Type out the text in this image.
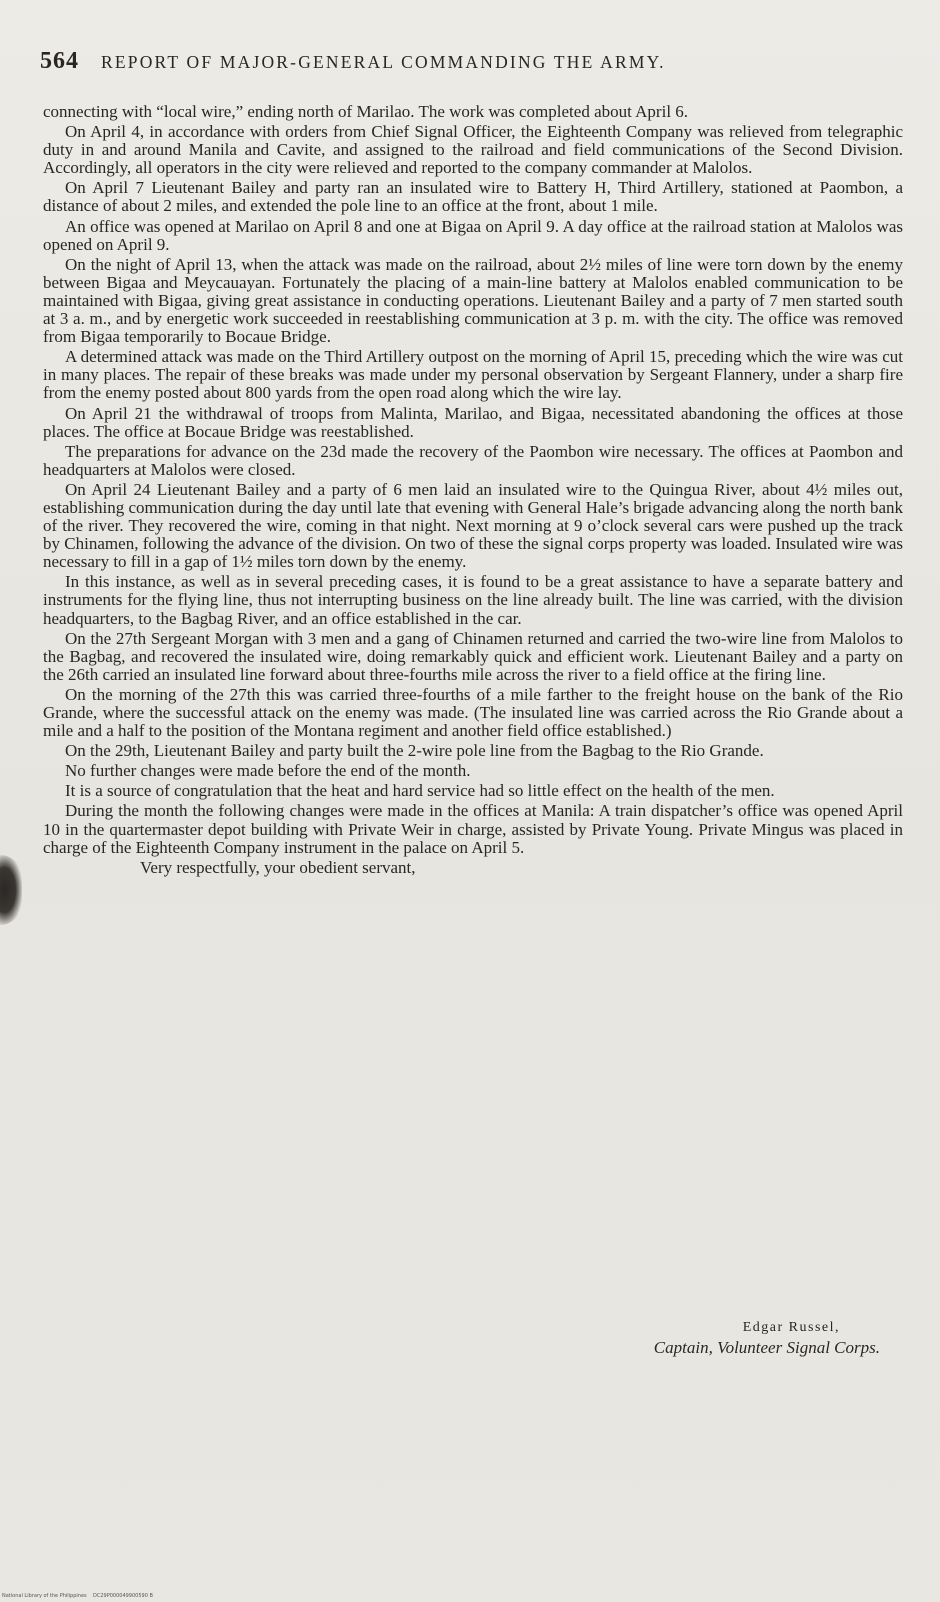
564 REPORT OF MAJOR-GENERAL COMMANDING THE ARMY.

connecting with “local wire,” ending north of Marilao. The work was completed about April 6.

On April 4, in accordance with orders from Chief Signal Officer, the Eighteenth Company was relieved from telegraphic duty in and around Manila and Cavite, and assigned to the railroad and field communications of the Second Division. Accordingly, all operators in the city were relieved and reported to the company commander at Malolos.

On April 7 Lieutenant Bailey and party ran an insulated wire to Battery H, Third Artillery, stationed at Paombon, a distance of about 2 miles, and extended the pole line to an office at the front, about 1 mile.

An office was opened at Marilao on April 8 and one at Bigaa on April 9. A day office at the railroad station at Malolos was opened on April 9.

On the night of April 13, when the attack was made on the railroad, about 2½ miles of line were torn down by the enemy between Bigaa and Meycauayan. Fortunately the placing of a main-line battery at Malolos enabled communication to be maintained with Bigaa, giving great assistance in conducting operations. Lieutenant Bailey and a party of 7 men started south at 3 a. m., and by energetic work succeeded in reestablishing communication at 3 p. m. with the city. The office was removed from Bigaa temporarily to Bocaue Bridge.

A determined attack was made on the Third Artillery outpost on the morning of April 15, preceding which the wire was cut in many places. The repair of these breaks was made under my personal observation by Sergeant Flannery, under a sharp fire from the enemy posted about 800 yards from the open road along which the wire lay.

On April 21 the withdrawal of troops from Malinta, Marilao, and Bigaa, necessitated abandoning the offices at those places. The office at Bocaue Bridge was reestablished.

The preparations for advance on the 23d made the recovery of the Paombon wire necessary. The offices at Paombon and headquarters at Malolos were closed.

On April 24 Lieutenant Bailey and a party of 6 men laid an insulated wire to the Quingua River, about 4½ miles out, establishing communication during the day until late that evening with General Hale’s brigade advancing along the north bank of the river. They recovered the wire, coming in that night. Next morning at 9 o’clock several cars were pushed up the track by Chinamen, following the advance of the division. On two of these the signal corps property was loaded. Insulated wire was necessary to fill in a gap of 1½ miles torn down by the enemy.

In this instance, as well as in several preceding cases, it is found to be a great assistance to have a separate battery and instruments for the flying line, thus not interrupting business on the line already built. The line was carried, with the division headquarters, to the Bagbag River, and an office established in the car.

On the 27th Sergeant Morgan with 3 men and a gang of Chinamen returned and carried the two-wire line from Malolos to the Bagbag, and recovered the insulated wire, doing remarkably quick and efficient work. Lieutenant Bailey and a party on the 26th carried an insulated line forward about three-fourths mile across the river to a field office at the firing line.

On the morning of the 27th this was carried three-fourths of a mile farther to the freight house on the bank of the Rio Grande, where the successful attack on the enemy was made. (The insulated line was carried across the Rio Grande about a mile and a half to the position of the Montana regiment and another field office established.)

On the 29th, Lieutenant Bailey and party built the 2-wire pole line from the Bagbag to the Rio Grande.

No further changes were made before the end of the month.

It is a source of congratulation that the heat and hard service had so little effect on the health of the men.

During the month the following changes were made in the offices at Manila: A train dispatcher’s office was opened April 10 in the quartermaster depot building with Private Weir in charge, assisted by Private Young. Private Mingus was placed in charge of the Eighteenth Company instrument in the palace on April 5.

Very respectfully, your obedient servant,

Edgar Russel,
Captain, Volunteer Signal Corps.
National Library of the Philippines    DC29P000049900590 B
